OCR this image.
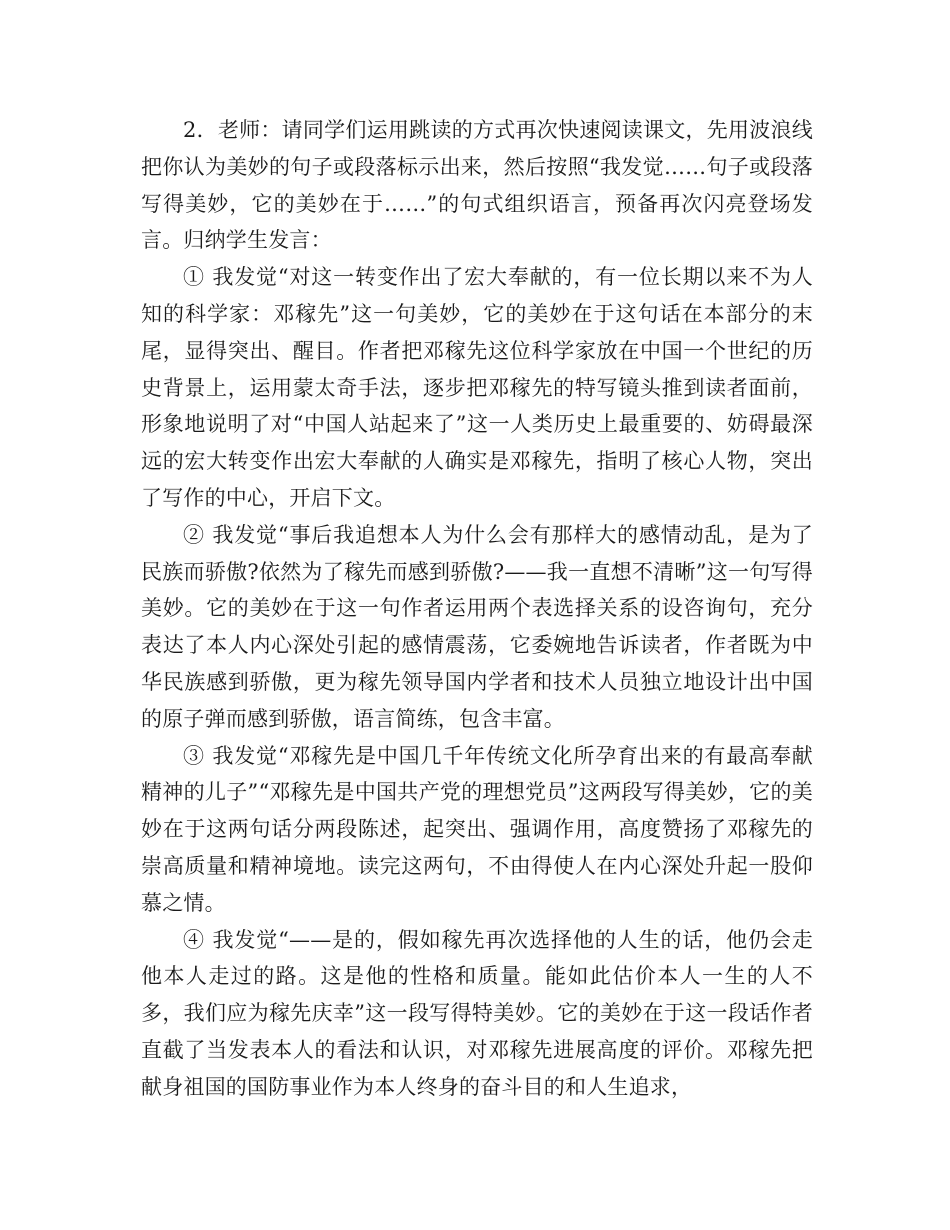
2．老师：请同学们运用跳读的方式再次快速阅读课文，先用波浪线把你认为美妙的句子或段落标示出来，然后按照“我发觉……句子或段落写得美妙，它的美妙在于……”的句式组织语言，预备再次闪亮登场发言。归纳学生发言：

① 我发觉“对这一转变作出了宏大奉献的，有一位长期以来不为人知的科学家：邓稼先”这一句美妙，它的美妙在于这句话在本部分的末尾，显得突出、醒目。作者把邓稼先这位科学家放在中国一个世纪的历史背景上，运用蒙太奇手法，逐步把邓稼先的特写镜头推到读者面前，形象地说明了对“中国人站起来了”这一人类历史上最重要的、妨碍最深远的宏大转变作出宏大奉献的人确实是邓稼先，指明了核心人物，突出了写作的中心，开启下文。

② 我发觉“事后我追想本人为什么会有那样大的感情动乱，是为了民族而骄傲?依然为了稼先而感到骄傲?——我一直想不清晰”这一句写得美妙。它的美妙在于这一句作者运用两个表选择关系的设咨询句，充分表达了本人内心深处引起的感情震荡，它委婉地告诉读者，作者既为中华民族感到骄傲，更为稼先领导国内学者和技术人员独立地设计出中国的原子弹而感到骄傲，语言简练，包含丰富。

③ 我发觉“邓稼先是中国几千年传统文化所孕育出来的有最高奉献精神的儿子”“邓稼先是中国共产党的理想党员”这两段写得美妙，它的美妙在于这两句话分两段陈述，起突出、强调作用，高度赞扬了邓稼先的崇高质量和精神境地。读完这两句，不由得使人在内心深处升起一股仰慕之情。

④ 我发觉“——是的，假如稼先再次选择他的人生的话，他仍会走他本人走过的路。这是他的性格和质量。能如此估价本人一生的人不多，我们应为稼先庆幸”这一段写得特美妙。它的美妙在于这一段话作者直截了当发表本人的看法和认识，对邓稼先进展高度的评价。邓稼先把献身祖国的国防事业作为本人终身的奋斗目的和人生追求，
